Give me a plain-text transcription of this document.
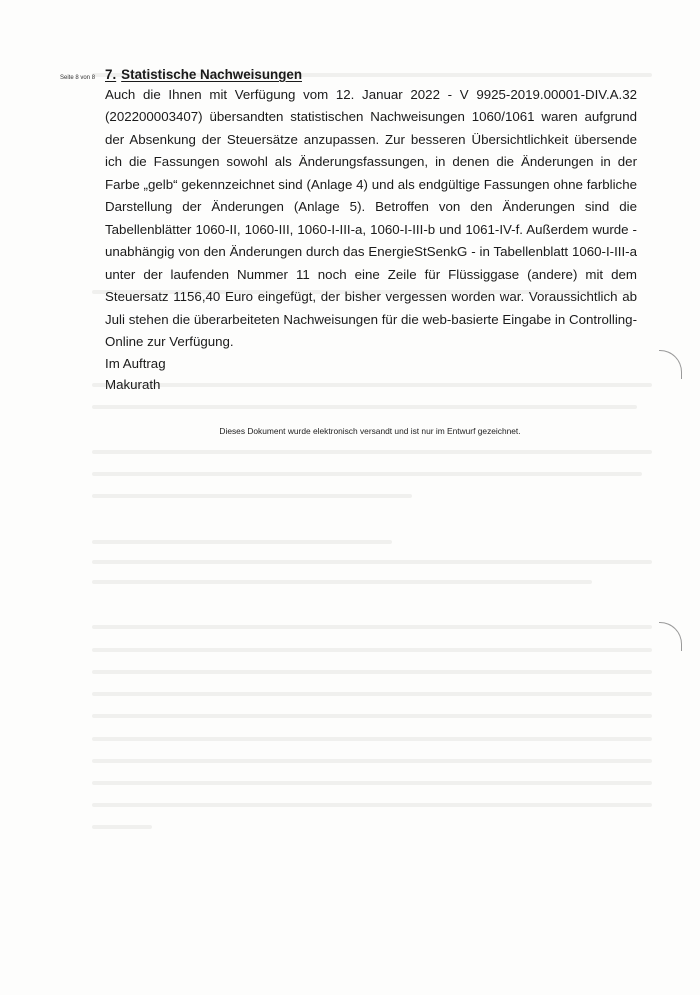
Seite 8 von 8 7. Statistische Nachweisungen

Auch die Ihnen mit Verfügung vom 12. Januar 2022 - V 9925-2019.00001-DIV.A.32 (202200003407) übersandten statistischen Nachweisungen 1060/1061 waren aufgrund der Absenkung der Steuersätze anzupassen. Zur besseren Übersichtlichkeit übersende ich die Fassungen sowohl als Änderungsfassungen, in denen die Änderungen in der Farbe „gelb“ gekennzeichnet sind (Anlage 4) und als endgültige Fassungen ohne farbliche Darstellung der Änderungen (Anlage 5). Betroffen von den Änderungen sind die Tabellenblätter 1060-II, 1060-III, 1060-I-III-a, 1060-I-III-b und 1061-IV-f. Außerdem wurde - unabhängig von den Änderungen durch das EnergieStSenkG - in Tabellenblatt 1060-I-III-a unter der laufenden Nummer 11 noch eine Zeile für Flüssiggase (andere) mit dem Steuersatz 1156,40 Euro eingefügt, der bisher vergessen worden war. Voraussichtlich ab Juli stehen die überarbeiteten Nachweisungen für die web-basierte Eingabe in Controlling-Online zur Verfügung.

Im Auftrag
Makurath
Dieses Dokument wurde elektronisch versandt und ist nur im Entwurf gezeichnet.
